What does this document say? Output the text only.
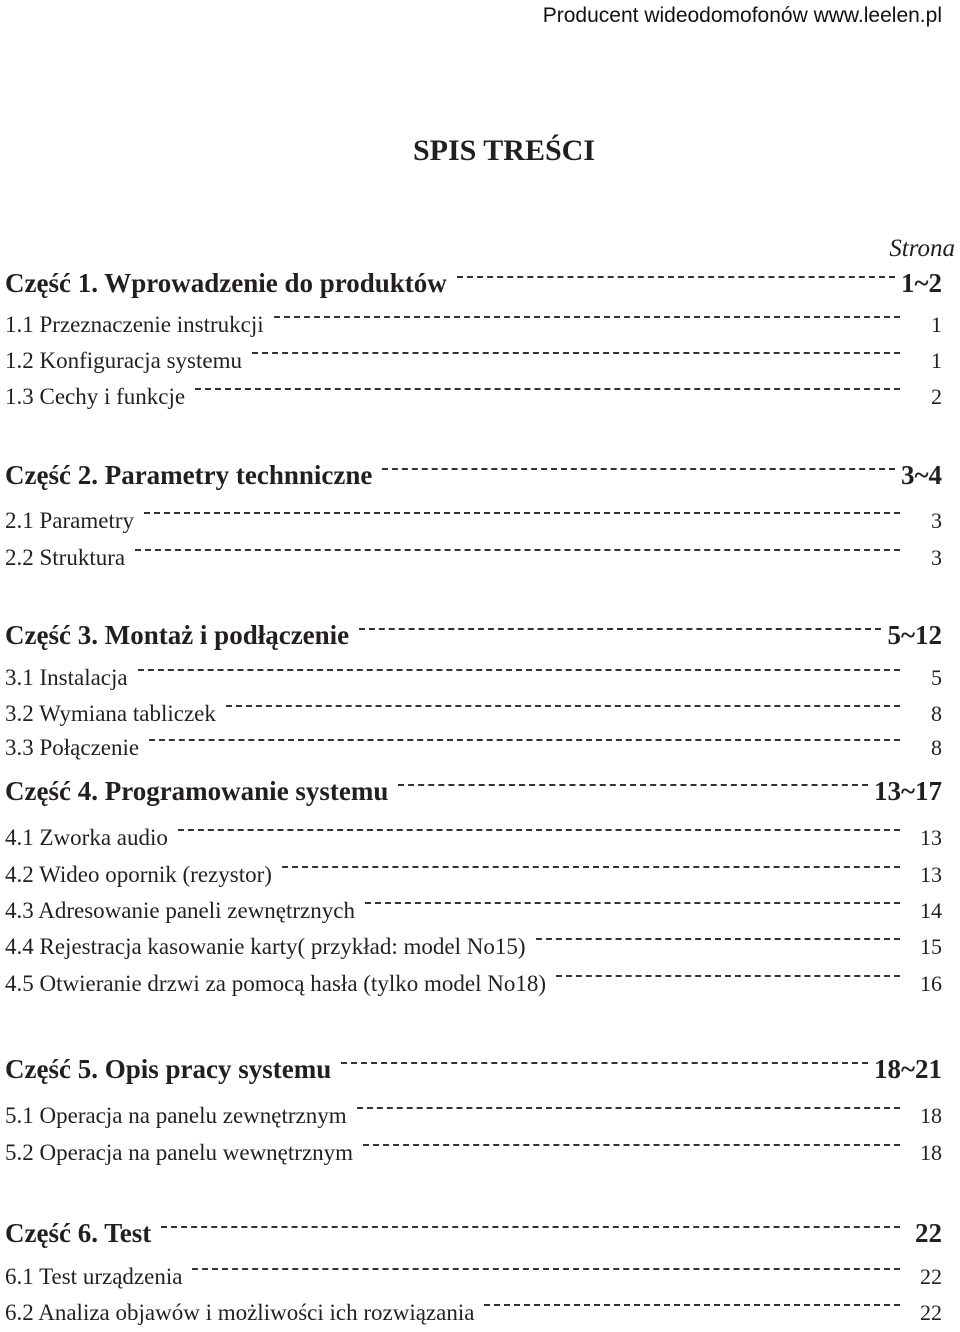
Producent wideodomofonów www.leelen.pl
SPIS TREŚCI
Strona
Część 1. Wprowadzenie do produktów	1~2
1.1 Przeznaczenie instrukcji	1
1.2 Konfiguracja systemu	1
1.3 Cechy i funkcje	2
Część 2. Parametry technniczne	3~4
2.1 Parametry	3
2.2 Struktura	3
Część 3. Montaż i podłączenie	5~12
3.1 Instalacja	5
3.2 Wymiana tabliczek	8
3.3 Połączenie	8
Część 4. Programowanie systemu	13~17
4.1 Zworka audio	13
4.2 Wideo opornik (rezystor)	13
4.3 Adresowanie paneli zewnętrznych	14
4.4 Rejestracja kasowanie karty( przykład: model No15)	15
4.5 Otwieranie drzwi za pomocą hasła (tylko model No18)	16
Część 5. Opis pracy systemu	18~21
5.1 Operacja na panelu zewnętrznym	18
5.2 Operacja na panelu wewnętrznym	18
Część 6. Test	22
6.1 Test urządzenia	22
6.2 Analiza objawów i możliwości ich rozwiązania	22
